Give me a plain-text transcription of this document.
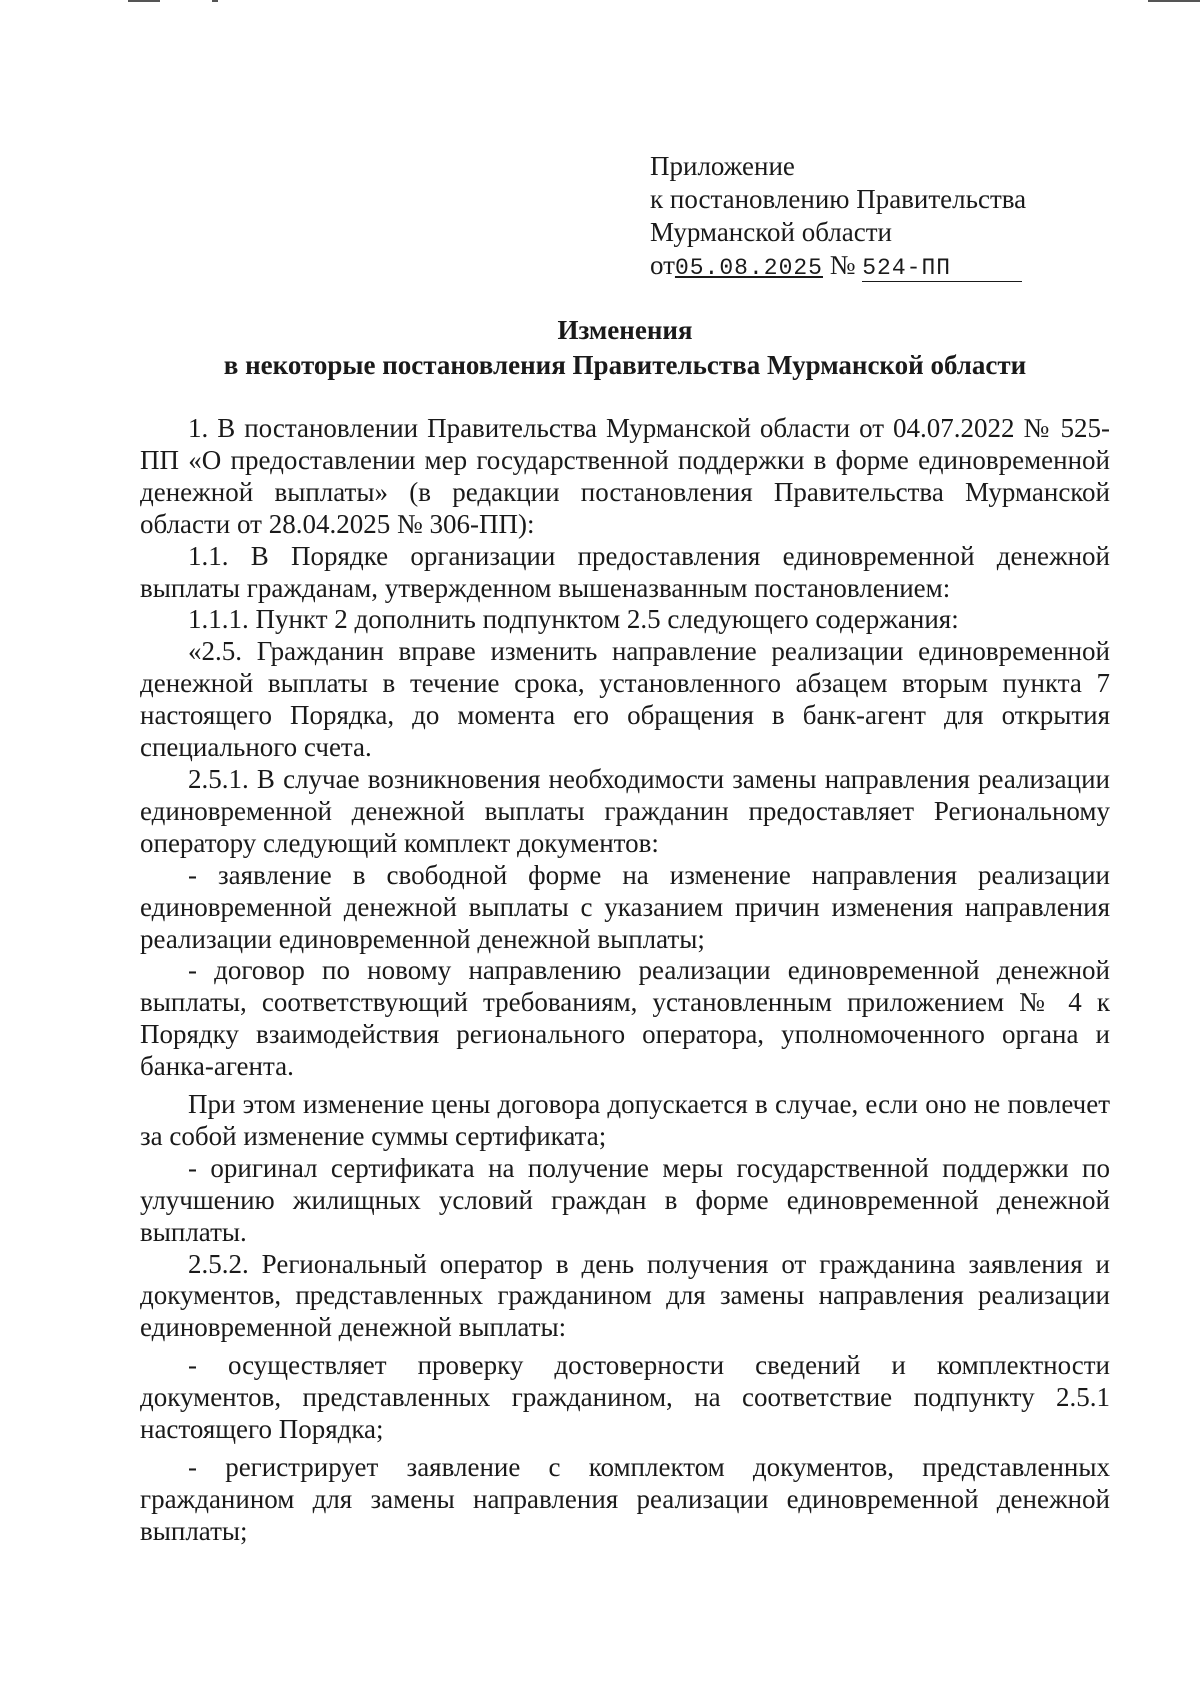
Приложение
к постановлению Правительства
Мурманской области
от05.08.2025 № 524-ПП
Изменения
в некоторые постановления Правительства Мурманской области

1. В постановлении Правительства Мурманской области от 04.07.2022 № 525-ПП «О предоставлении мер государственной поддержки в форме единовременной денежной выплаты» (в редакции постановления Правительства Мурманской области от 28.04.2025 № 306-ПП):

1.1. В Порядке организации предоставления единовременной денежной выплаты гражданам, утвержденном вышеназванным постановлением:

1.1.1. Пункт 2 дополнить подпунктом 2.5 следующего содержания:

«2.5. Гражданин вправе изменить направление реализации единовременной денежной выплаты в течение срока, установленного абзацем вторым пункта 7 настоящего Порядка, до момента его обращения в банк-агент для открытия специального счета.

2.5.1. В случае возникновения необходимости замены направления реализации единовременной денежной выплаты гражданин предоставляет Региональному оператору следующий комплект документов:

- заявление в свободной форме на изменение направления реализации единовременной денежной выплаты с указанием причин изменения направления реализации единовременной денежной выплаты;

- договор по новому направлению реализации единовременной денежной выплаты, соответствующий требованиям, установленным приложением № 4 к Порядку взаимодействия регионального оператора, уполномоченного органа и банка-агента.

При этом изменение цены договора допускается в случае, если оно не повлечет за собой изменение суммы сертификата;

- оригинал сертификата на получение меры государственной поддержки по улучшению жилищных условий граждан в форме единовременной денежной выплаты.

2.5.2. Региональный оператор в день получения от гражданина заявления и документов, представленных гражданином для замены направления реализации единовременной денежной выплаты:

- осуществляет проверку достоверности сведений и комплектности документов, представленных гражданином, на соответствие подпункту 2.5.1 настоящего Порядка;

- регистрирует заявление с комплектом документов, представленных гражданином для замены направления реализации единовременной денежной выплаты;
